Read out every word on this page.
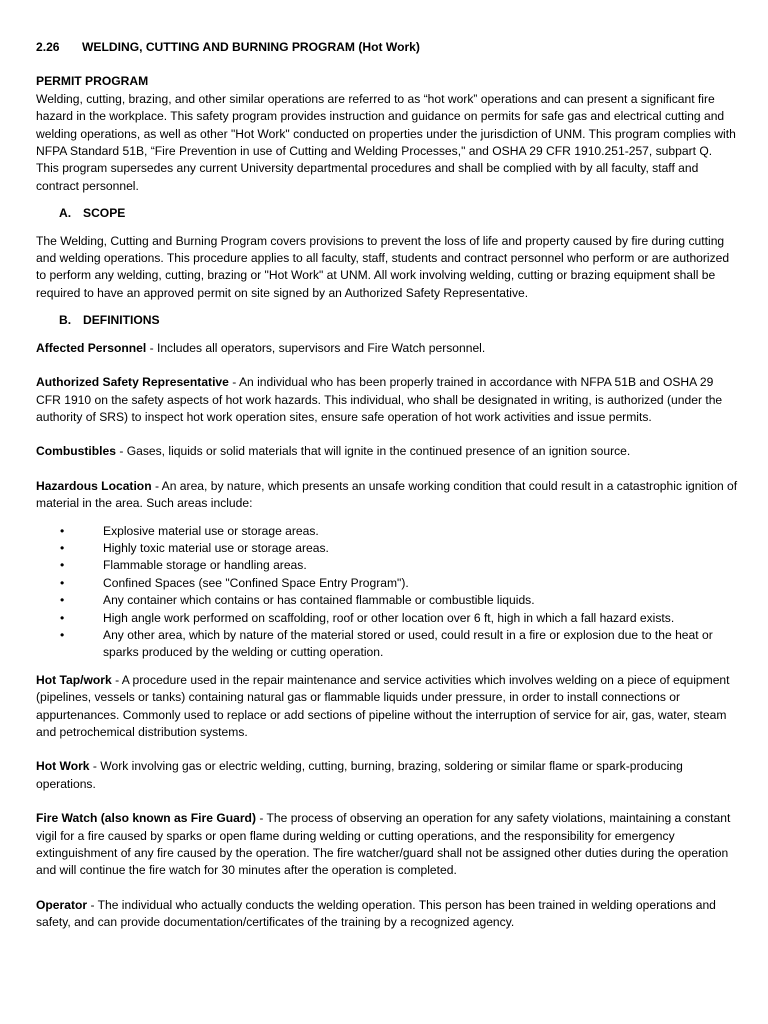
2.26	WELDING, CUTTING AND BURNING PROGRAM (Hot Work)

PERMIT PROGRAM

Welding, cutting, brazing, and other similar operations are referred to as “hot work” operations and can present a significant fire hazard in the workplace. This safety program provides instruction and guidance on permits for safe gas and electrical cutting and welding operations, as well as other "Hot Work" conducted on properties under the jurisdiction of UNM. This program complies with NFPA Standard 51B, “Fire Prevention in use of Cutting and Welding Processes," and OSHA 29 CFR 1910.251-257, subpart Q. This program supersedes any current University departmental procedures and shall be complied with by all faculty, staff and contract personnel.

A. SCOPE

The Welding, Cutting and Burning Program covers provisions to prevent the loss of life and property caused by fire during cutting and welding operations. This procedure applies to all faculty, staff, students and contract personnel who perform or are authorized to perform any welding, cutting, brazing or "Hot Work" at UNM. All work involving welding, cutting or brazing equipment shall be required to have an approved permit on site signed by an Authorized Safety Representative.

B. DEFINITIONS

Affected Personnel - Includes all operators, supervisors and Fire Watch personnel.

Authorized Safety Representative - An individual who has been properly trained in accordance with NFPA 51B and OSHA 29 CFR 1910 on the safety aspects of hot work hazards. This individual, who shall be designated in writing, is authorized (under the authority of SRS) to inspect hot work operation sites, ensure safe operation of hot work activities and issue permits.

Combustibles - Gases, liquids or solid materials that will ignite in the continued presence of an ignition source.

Hazardous Location - An area, by nature, which presents an unsafe working condition that could result in a catastrophic ignition of material in the area. Such areas include:

•	Explosive material use or storage areas.
•	Highly toxic material use or storage areas.
•	Flammable storage or handling areas.
•	Confined Spaces (see "Confined Space Entry Program").
•	Any container which contains or has contained flammable or combustible liquids.
•	High angle work performed on scaffolding, roof or other location over 6 ft, high in which a fall hazard exists.
•	Any other area, which by nature of the material stored or used, could result in a fire or explosion due to the heat or sparks produced by the welding or cutting operation.

Hot Tap/work - A procedure used in the repair maintenance and service activities which involves welding on a piece of equipment (pipelines, vessels or tanks) containing natural gas or flammable liquids under pressure, in order to install connections or appurtenances. Commonly used to replace or add sections of pipeline without the interruption of service for air, gas, water, steam and petrochemical distribution systems.

Hot Work - Work involving gas or electric welding, cutting, burning, brazing, soldering or similar flame or spark-producing operations.

Fire Watch (also known as Fire Guard) - The process of observing an operation for any safety violations, maintaining a constant vigil for a fire caused by sparks or open flame during welding or cutting operations, and the responsibility for emergency extinguishment of any fire caused by the operation. The fire watcher/guard shall not be assigned other duties during the operation and will continue the fire watch for 30 minutes after the operation is completed.

Operator - The individual who actually conducts the welding operation. This person has been trained in welding operations and safety, and can provide documentation/certificates of the training by a recognized agency.
